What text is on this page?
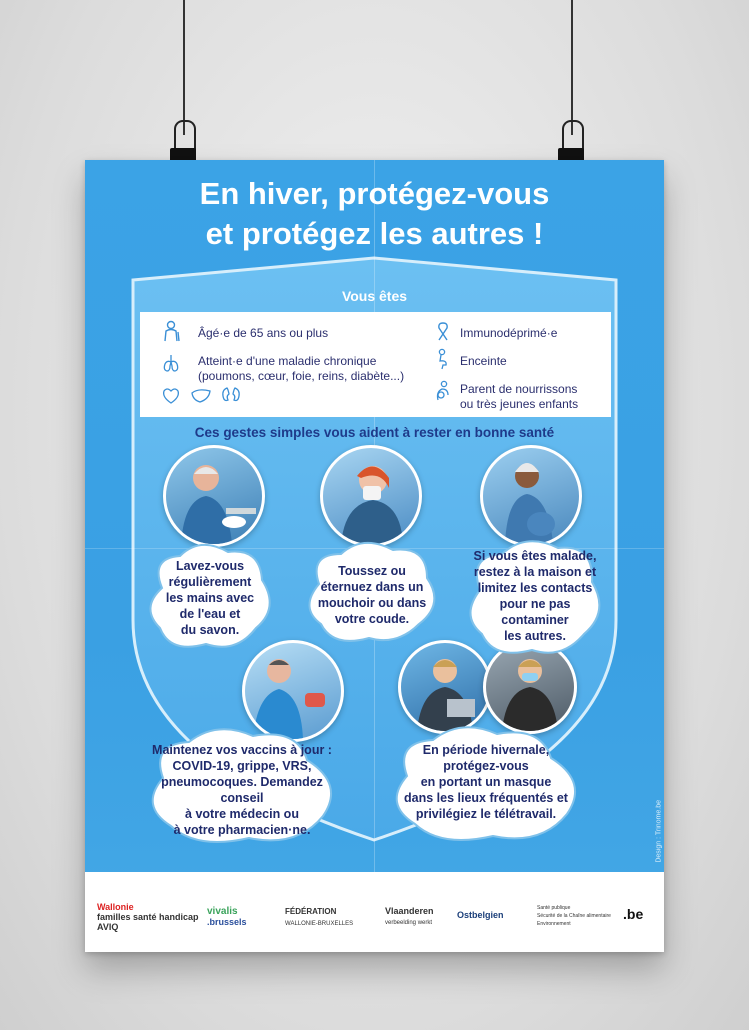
En hiver, protégez-vous
et protégez les autres !
Vous êtes
Âgé·e de 65 ans ou plus
Atteint·e d'une maladie chronique
(poumons, cœur, foie, reins, diabète...)
Immunodéprimé·e
Enceinte
Parent de nourrissons
ou très jeunes enfants
Ces gestes simples vous aident à rester en bonne santé
Lavez-vous
régulièrement
les mains avec
de l'eau et
du savon.
Toussez ou
éternuez dans un
mouchoir ou dans
votre coude.
Si vous êtes malade,
restez à la maison et
limitez les contacts
pour ne pas
contaminer
les autres.
Maintenez vos vaccins à jour :
COVID-19, grippe, VRS,
pneumocoques. Demandez conseil
à votre médecin ou
à votre pharmacien·ne.
En période hivernale,
protégez-vous
en portant un masque
dans les lieux fréquentés et
privilégiez le télétravail.	Design : Trinome.be
Wallonie
familles santé handicap
AVIQ
vivalis
.brussels
FÉDÉRATION
WALLONIE-BRUXELLES
Vlaanderen
verbeelding werkt
Ostbelgien
Santé publique
Sécurité de la Chaîne alimentaire
Environnement
.be
